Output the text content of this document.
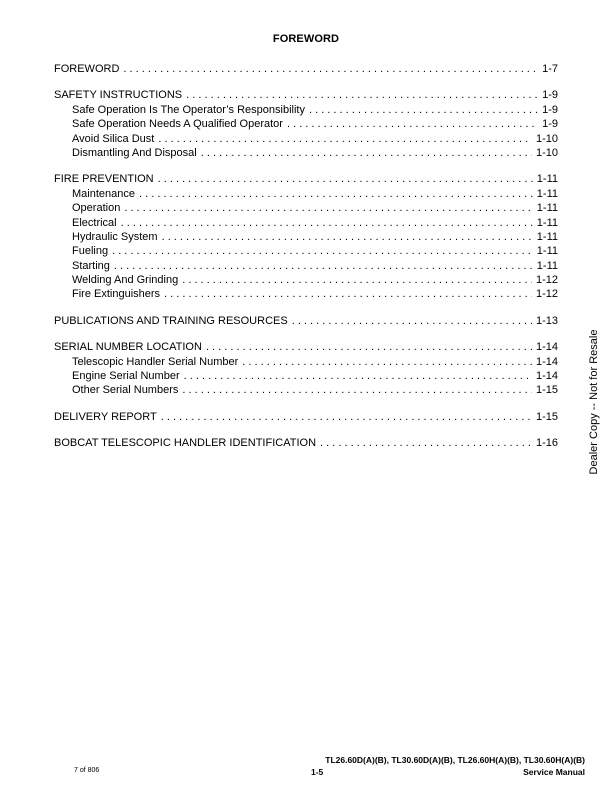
FOREWORD
FOREWORD . . .	1-7
SAFETY INSTRUCTIONS . . .	1-9
Safe Operation Is The Operator’s Responsibility . . .	1-9
Safe Operation Needs A Qualified Operator . . .	1-9
Avoid Silica Dust . . .	1-10
Dismantling And Disposal . . .	1-10
FIRE PREVENTION . . .	1-11
Maintenance . . .	1-11
Operation . . .	1-11
Electrical . . .	1-11
Hydraulic System . . .	1-11
Fueling . . .	1-11
Starting . . .	1-11
Welding And Grinding . . .	1-12
Fire Extinguishers . . .	1-12
PUBLICATIONS AND TRAINING RESOURCES . . .	1-13
SERIAL NUMBER LOCATION . . .	1-14
Telescopic Handler Serial Number . . .	1-14
Engine Serial Number . . .	1-14
Other Serial Numbers . . .	1-15
DELIVERY REPORT . . .	1-15
BOBCAT TELESCOPIC HANDLER IDENTIFICATION . . .	1-16	Dealer Copy -- Not for Resale
TL26.60D(A)(B), TL30.60D(A)(B), TL26.60H(A)(B), TL30.60H(A)(B)
7 of 806	1-5	Service Manual
